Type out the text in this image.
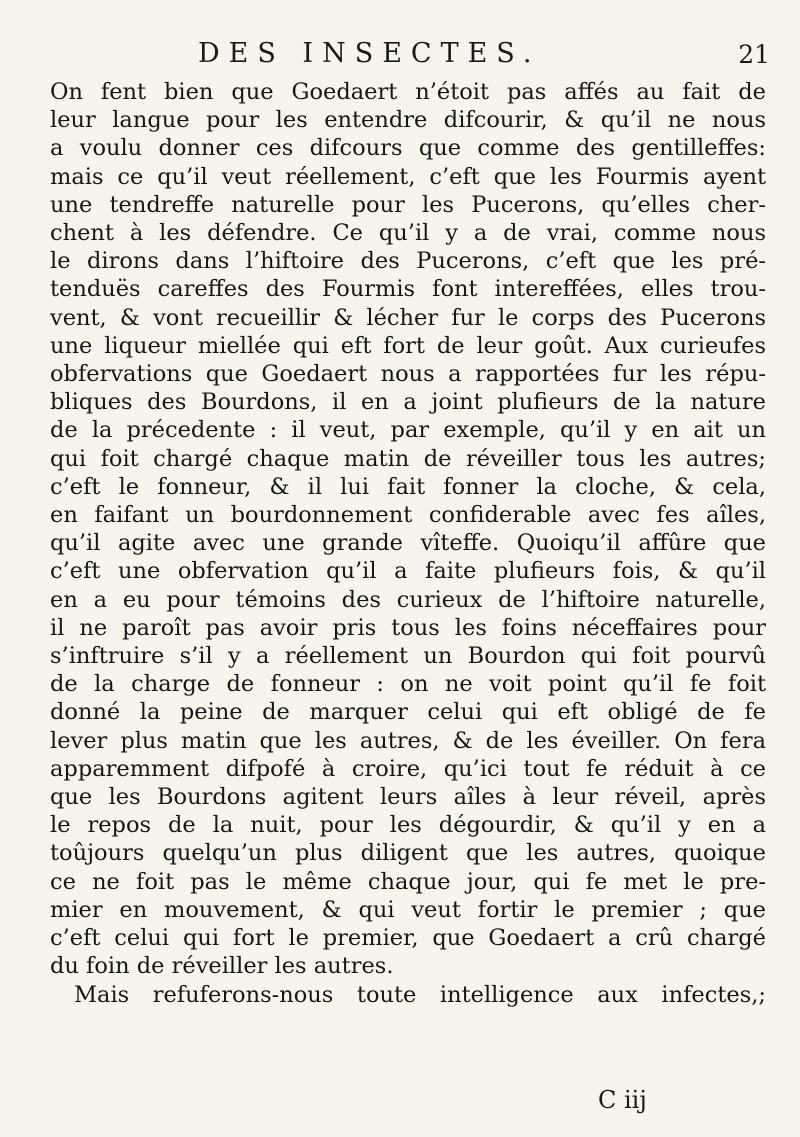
DES INSECTES.	21
On fent bien que Goedaert n’étoit pas affés au fait de
leur langue pour les entendre difcourir, & qu’il ne nous
a voulu donner ces difcours que comme des gentilleffes:
mais ce qu’il veut réellement, c’eft que les Fourmis ayent
une tendreffe naturelle pour les Pucerons, qu’elles cher-
chent à les défendre. Ce qu’il y a de vrai, comme nous
le dirons dans l’hiftoire des Pucerons, c’eft que les pré-
tenduës careffes des Fourmis font intereffées, elles trou-
vent, & vont recueillir & lécher fur le corps des Pucerons
une liqueur miellée qui eft fort de leur goût. Aux curieufes
obfervations que Goedaert nous a rapportées fur les répu-
bliques des Bourdons, il en a joint plufieurs de la nature
de la précedente : il veut, par exemple, qu’il y en ait un
qui foit chargé chaque matin de réveiller tous les autres;
c’eft le fonneur, & il lui fait fonner la cloche, & cela,
en faifant un bourdonnement confiderable avec fes aîles,
qu’il agite avec une grande vîteffe. Quoiqu’il affûre que
c’eft une obfervation qu’il a faite plufieurs fois, & qu’il
en a eu pour témoins des curieux de l’hiftoire naturelle,
il ne paroît pas avoir pris tous les foins néceffaires pour
s’inftruire s’il y a réellement un Bourdon qui foit pourvû
de la charge de fonneur : on ne voit point qu’il fe foit
donné la peine de marquer celui qui eft obligé de fe
lever plus matin que les autres, & de les éveiller. On fera
apparemment difpofé à croire, qu’ici tout fe réduit à ce
que les Bourdons agitent leurs aîles à leur réveil, après
le repos de la nuit, pour les dégourdir, & qu’il y en a
toûjours quelqu’un plus diligent que les autres, quoique
ce ne foit pas le même chaque jour, qui fe met le pre-
mier en mouvement, & qui veut fortir le premier ; que
c’eft celui qui fort le premier, que Goedaert a crû chargé
du foin de réveiller les autres.
Mais refuferons-nous toute intelligence aux infectes,;
C iij
